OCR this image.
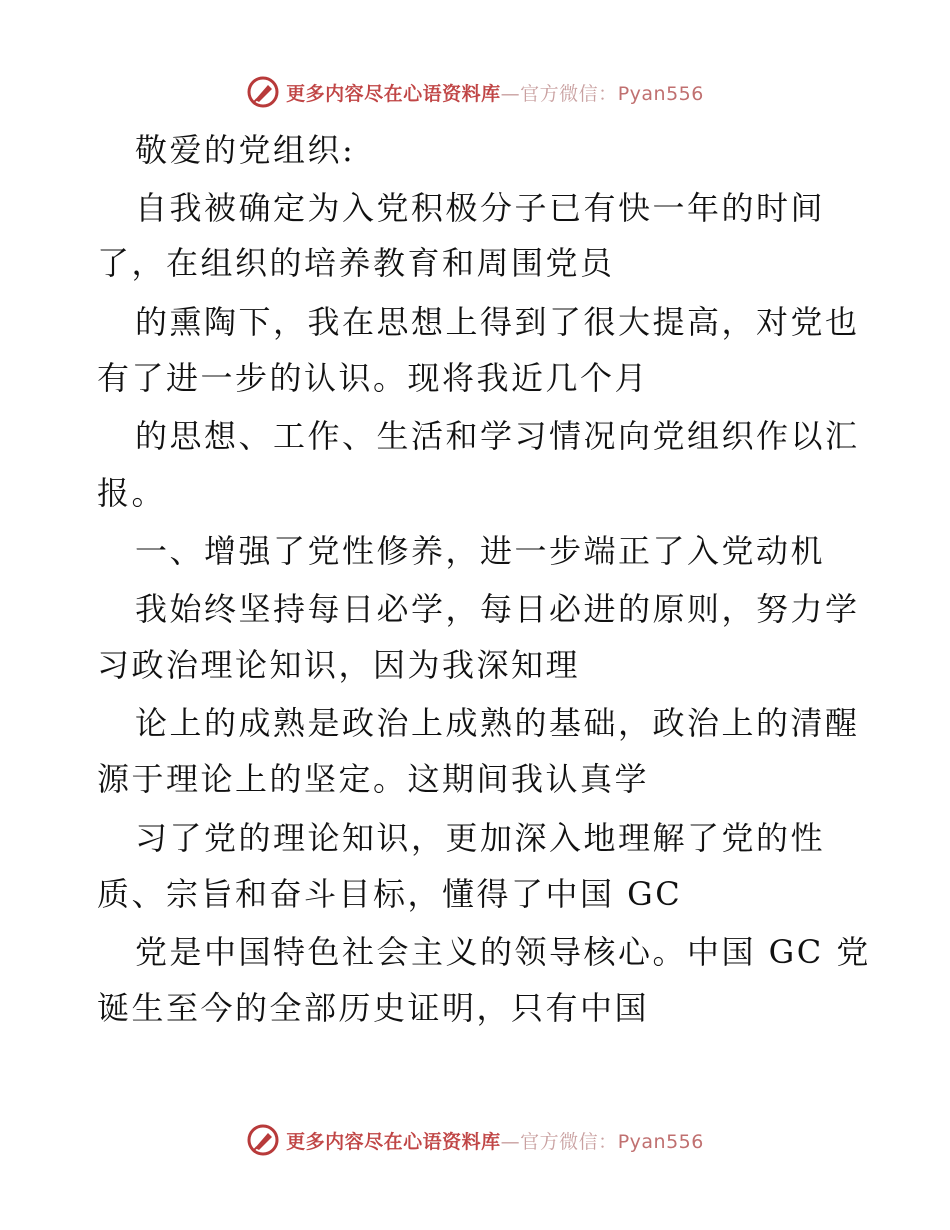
更多内容尽在心语资料库—官方微信：Pyan556
敬爱的党组织:
自我被确定为入党积极分子已有快一年的时间
了，在组织的培养教育和周围党员
的熏陶下，我在思想上得到了很大提高，对党也
有了进一步的认识。现将我近几个月
的思想、工作、生活和学习情况向党组织作以汇
报。
一、增强了党性修养，进一步端正了入党动机
我始终坚持每日必学，每日必进的原则，努力学
习政治理论知识，因为我深知理
论上的成熟是政治上成熟的基础，政治上的清醒
源于理论上的坚定。这期间我认真学
习了党的理论知识，更加深入地理解了党的性
质、宗旨和奋斗目标，懂得了中国 GC
党是中国特色社会主义的领导核心。中国 GC 党
诞生至今的全部历史证明，只有中国
更多内容尽在心语资料库—官方微信：Pyan556
